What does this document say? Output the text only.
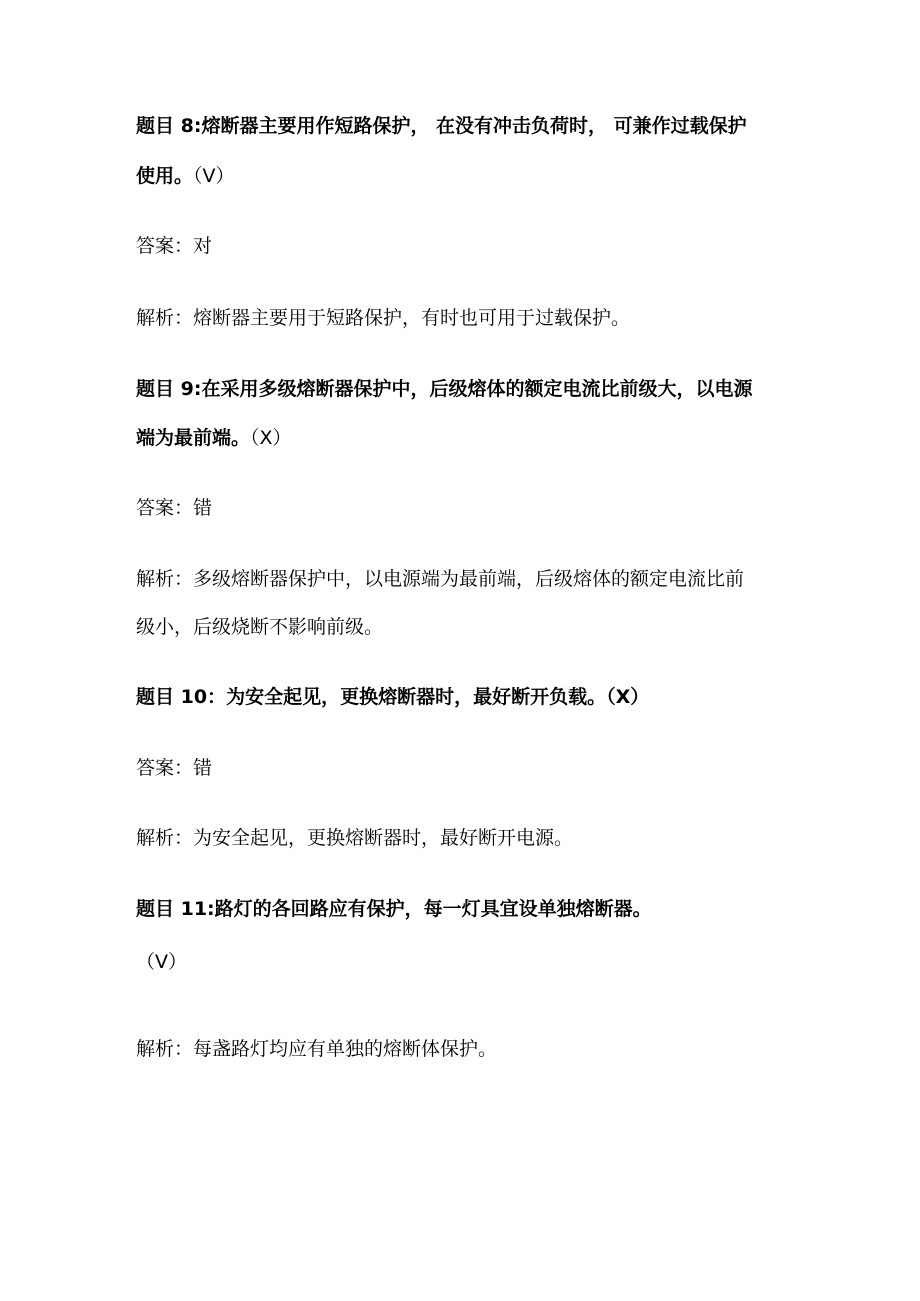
题目 8:熔断器主要用作短路保护， 在没有冲击负荷时， 可兼作过载保护
使用。（V）
答案：对
解析：熔断器主要用于短路保护，有时也可用于过载保护。
题目 9:在采用多级熔断器保护中，后级熔体的额定电流比前级大，以电源
端为最前端。（X）
答案：错
解析：多级熔断器保护中，以电源端为最前端，后级熔体的额定电流比前
级小，后级烧断不影响前级。
题目 10：为安全起见，更换熔断器时，最好断开负载。（X）
答案：错
解析：为安全起见，更换熔断器时，最好断开电源。
题目 11:路灯的各回路应有保护，每一灯具宜设单独熔断器。
（V）
解析：每盏路灯均应有单独的熔断体保护。
